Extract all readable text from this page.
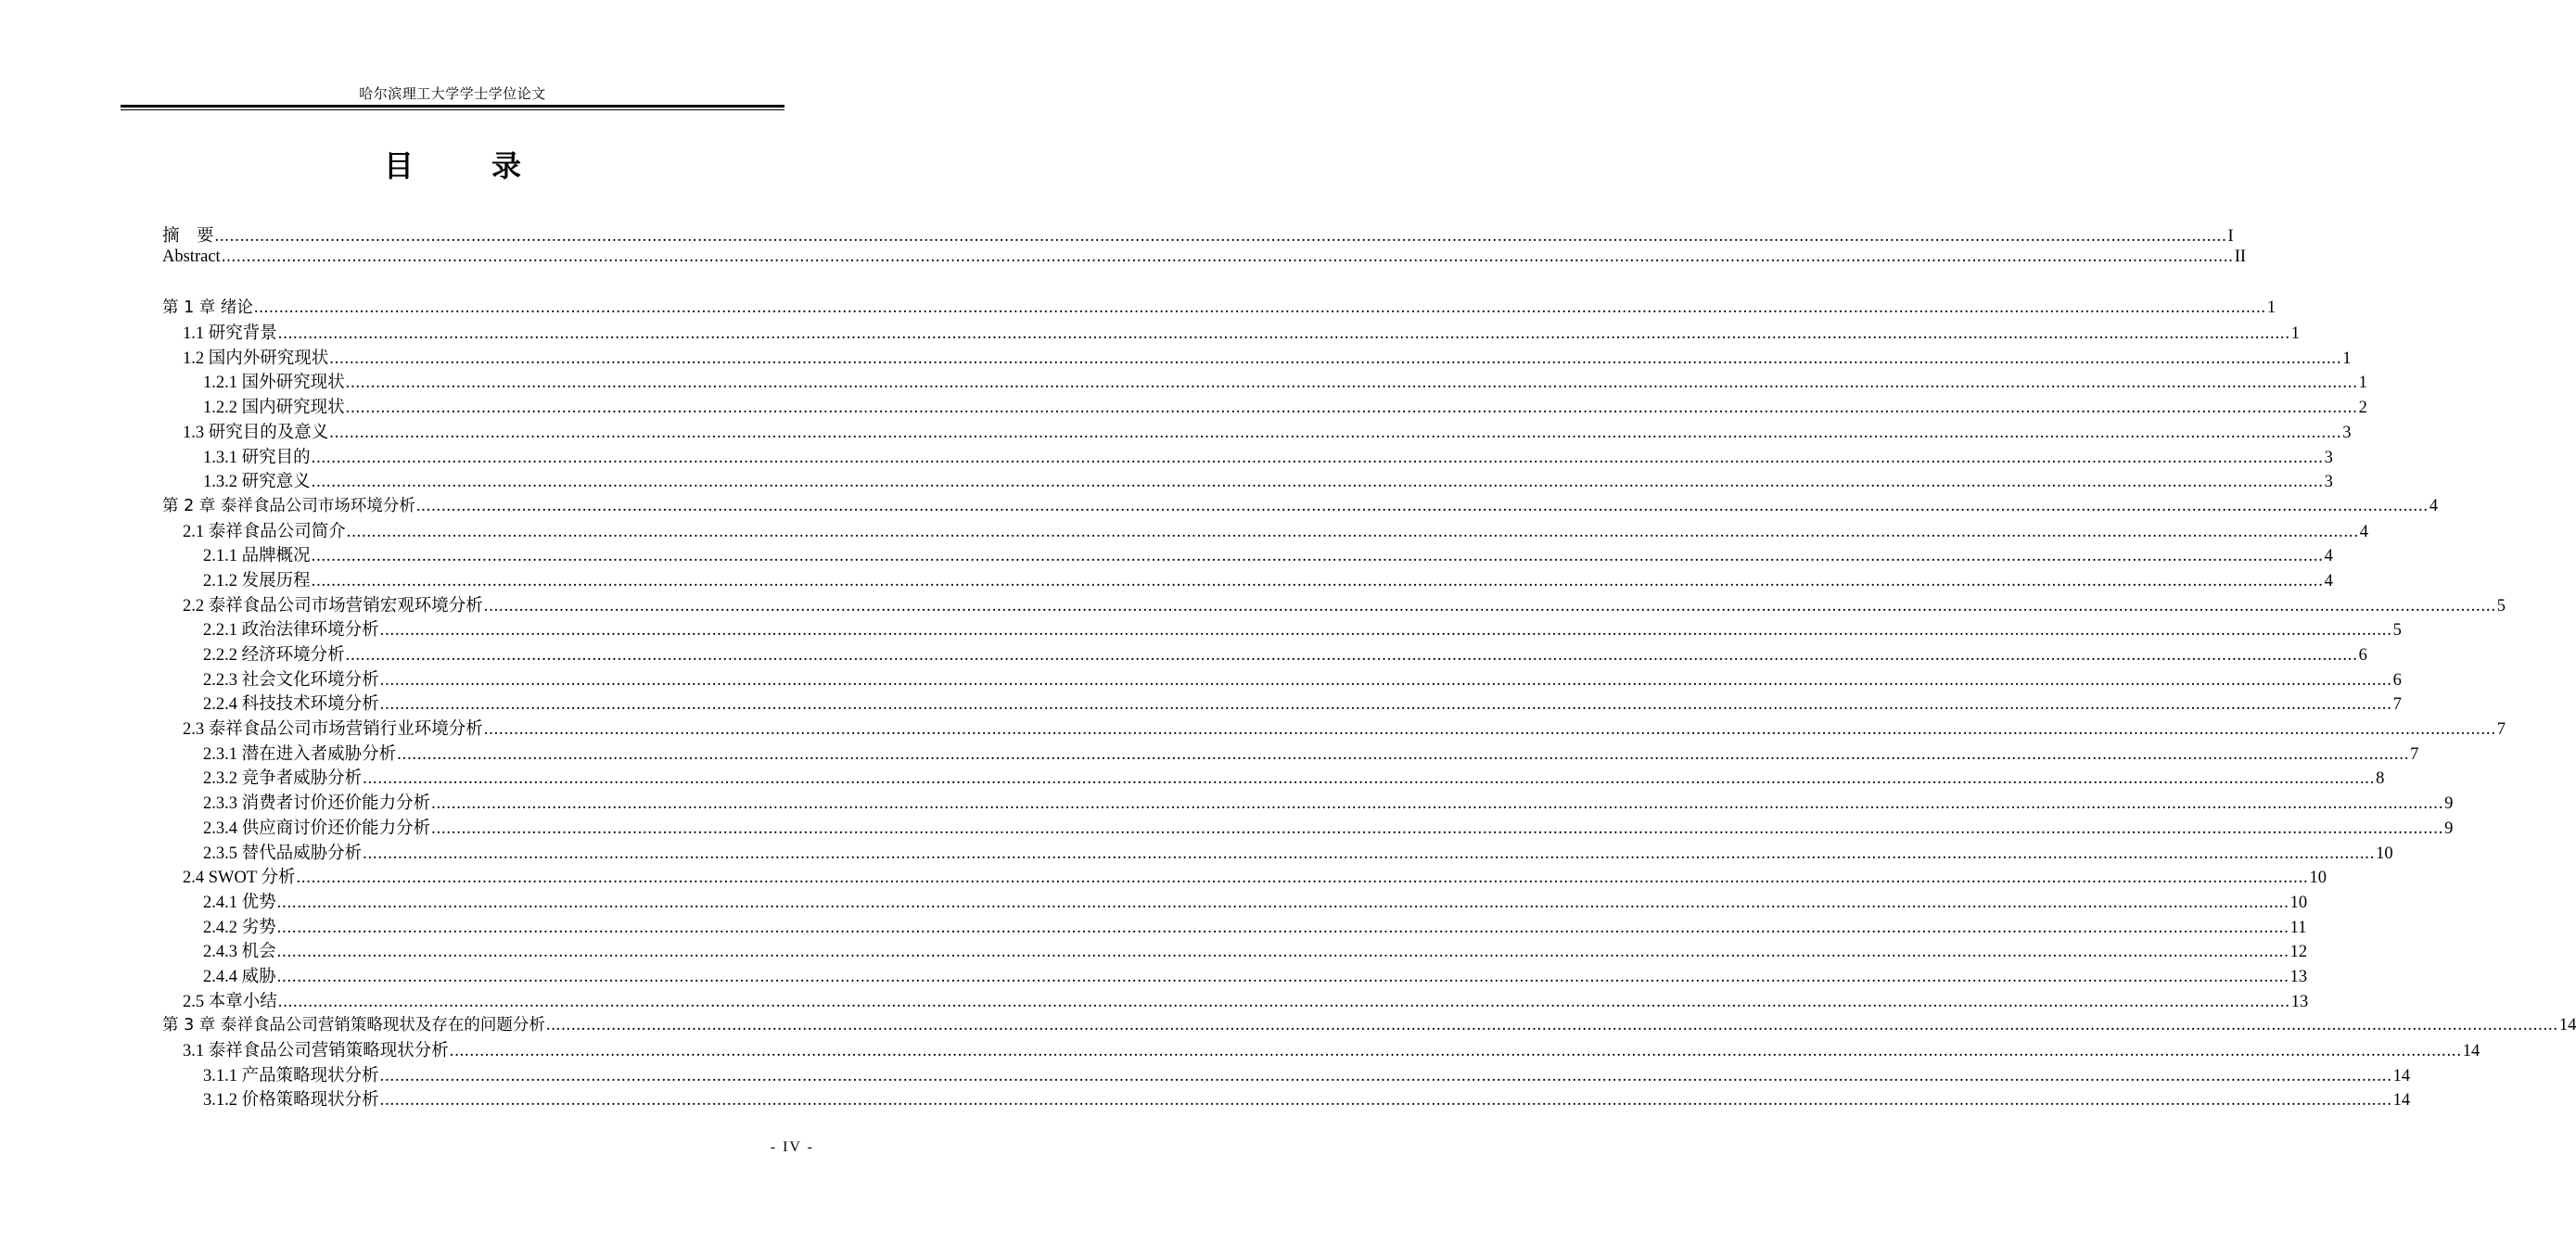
哈尔滨理工大学学士学位论文
目　录
摘　要 ................................................................................................................................................................................................................................................................................................................................................................................................................ I
Abstract ................................................................................................................................................................................................................................................................................................................................................................................................................ II
第 1 章 绪论 ................................................................................................................................................................................................................................................................................................................................................................................................................ 1
1.1 研究背景 ................................................................................................................................................................................................................................................................................................................................................................................................................ 1
1.2 国内外研究现状 ................................................................................................................................................................................................................................................................................................................................................................................................................ 1
1.2.1 国外研究现状 ................................................................................................................................................................................................................................................................................................................................................................................................................ 1
1.2.2 国内研究现状 ................................................................................................................................................................................................................................................................................................................................................................................................................ 2
1.3 研究目的及意义 ................................................................................................................................................................................................................................................................................................................................................................................................................ 3
1.3.1 研究目的 ................................................................................................................................................................................................................................................................................................................................................................................................................ 3
1.3.2 研究意义 ................................................................................................................................................................................................................................................................................................................................................................................................................ 3
第 2 章 泰祥食品公司市场环境分析 ................................................................................................................................................................................................................................................................................................................................................................................................................ 4
2.1 泰祥食品公司简介 ................................................................................................................................................................................................................................................................................................................................................................................................................ 4
2.1.1 品牌概况 ................................................................................................................................................................................................................................................................................................................................................................................................................ 4
2.1.2 发展历程 ................................................................................................................................................................................................................................................................................................................................................................................................................ 4
2.2 泰祥食品公司市场营销宏观环境分析 ................................................................................................................................................................................................................................................................................................................................................................................................................ 5
2.2.1 政治法律环境分析 ................................................................................................................................................................................................................................................................................................................................................................................................................ 5
2.2.2 经济环境分析 ................................................................................................................................................................................................................................................................................................................................................................................................................ 6
2.2.3 社会文化环境分析 ................................................................................................................................................................................................................................................................................................................................................................................................................ 6
2.2.4 科技技术环境分析 ................................................................................................................................................................................................................................................................................................................................................................................................................ 7
2.3 泰祥食品公司市场营销行业环境分析 ................................................................................................................................................................................................................................................................................................................................................................................................................ 7
2.3.1 潜在进入者威胁分析 ................................................................................................................................................................................................................................................................................................................................................................................................................ 7
2.3.2 竞争者威胁分析 ................................................................................................................................................................................................................................................................................................................................................................................................................ 8
2.3.3 消费者讨价还价能力分析 ................................................................................................................................................................................................................................................................................................................................................................................................................ 9
2.3.4 供应商讨价还价能力分析 ................................................................................................................................................................................................................................................................................................................................................................................................................ 9
2.3.5 替代品威胁分析 ................................................................................................................................................................................................................................................................................................................................................................................................................ 10
2.4 SWOT 分析 ................................................................................................................................................................................................................................................................................................................................................................................................................ 10
2.4.1 优势 ................................................................................................................................................................................................................................................................................................................................................................................................................ 10
2.4.2 劣势 ................................................................................................................................................................................................................................................................................................................................................................................................................ 11
2.4.3 机会 ................................................................................................................................................................................................................................................................................................................................................................................................................ 12
2.4.4 威胁 ................................................................................................................................................................................................................................................................................................................................................................................................................ 13
2.5 本章小结 ................................................................................................................................................................................................................................................................................................................................................................................................................ 13
第 3 章 泰祥食品公司营销策略现状及存在的问题分析 ................................................................................................................................................................................................................................................................................................................................................................................................................ 14
3.1 泰祥食品公司营销策略现状分析 ................................................................................................................................................................................................................................................................................................................................................................................................................ 14
3.1.1 产品策略现状分析 ................................................................................................................................................................................................................................................................................................................................................................................................................ 14
3.1.2 价格策略现状分析 ................................................................................................................................................................................................................................................................................................................................................................................................................ 14
- IV -
